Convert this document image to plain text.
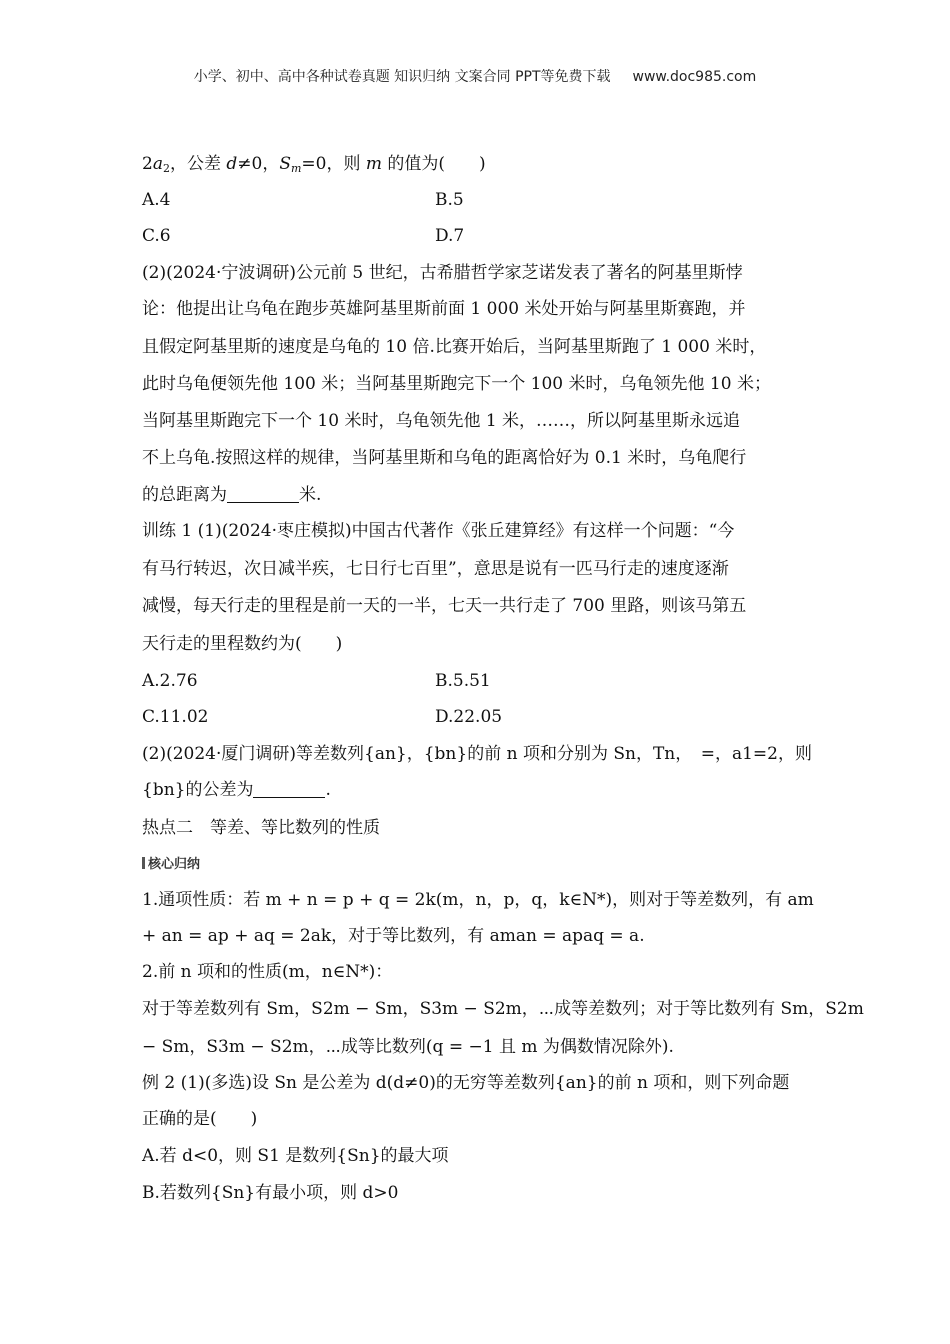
小学、初中、高中各种试卷真题 知识归纳 文案合同 PPT等免费下载 www.doc985.com
$2a_2$，公差 d≠0，$S_m=0$，则 m 的值为(　　)
A.4	B.5
C.6	D.7
(2)(2024·宁波调研)公元前 5 世纪，古希腊哲学家芝诺发表了著名的阿基里斯悖
论：他提出让乌龟在跑步英雄阿基里斯前面 1 000 米处开始与阿基里斯赛跑，并
且假定阿基里斯的速度是乌龟的 10 倍.比赛开始后，当阿基里斯跑了 1 000 米时，
此时乌龟便领先他 100 米；当阿基里斯跑完下一个 100 米时，乌龟领先他 10 米；
当阿基里斯跑完下一个 10 米时，乌龟领先他 1 米，……，所以阿基里斯永远追
不上乌龟.按照这样的规律，当阿基里斯和乌龟的距离恰好为 0.1 米时，乌龟爬行
的总距离为	米.
训练 1 (1)(2024·枣庄模拟)中国古代著作《张丘建算经》有这样一个问题：“今
有马行转迟，次日减半疾，七日行七百里”，意思是说有一匹马行走的速度逐渐
减慢，每天行走的里程是前一天的一半，七天一共行走了 700 里路，则该马第五
天行走的里程数约为(　　)
A.2.76	B.5.51
C.11.02	D.22.05
(2)(2024·厦门调研)等差数列{an}，{bn}的前 n 项和分别为 Sn，Tn，　=，a1=2，则
{bn}的公差为	.
热点二　等差、等比数列的性质
核心归纳
1.通项性质：若 m + n = p + q = 2k(m，n，p，q，k∈N*)，则对于等差数列，有 am
+ an = ap + aq = 2ak，对于等比数列，有 aman = apaq = a.
2.前 n 项和的性质(m，n∈N*)：
对于等差数列有 Sm，S2m − Sm，S3m − S2m，⋯成等差数列；对于等比数列有 Sm，S2m
− Sm，S3m − S2m，⋯成等比数列(q = −1 且 m 为偶数情况除外).
例 2 (1)(多选)设 Sn 是公差为 d(d≠0)的无穷等差数列{an}的前 n 项和，则下列命题
正确的是(　　)
A.若 d<0，则 S1 是数列{Sn}的最大项
B.若数列{Sn}有最小项，则 d>0
